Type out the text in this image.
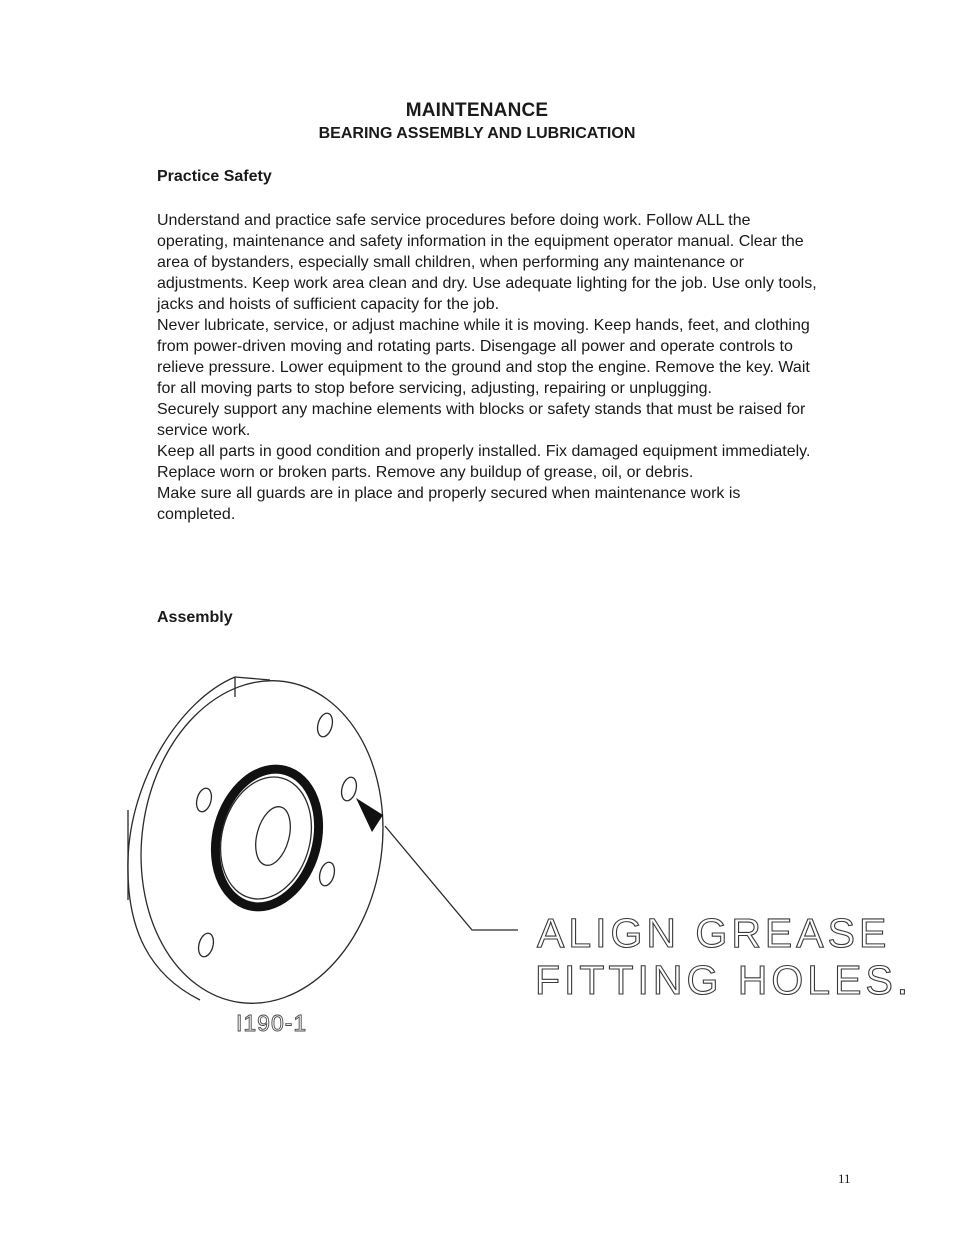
MAINTENANCE
BEARING ASSEMBLY AND LUBRICATION
Practice Safety

Understand and practice safe service procedures before doing work. Follow ALL the operating, maintenance and safety information in the equipment operator manual. Clear the area of bystanders, especially small children, when performing any maintenance or adjustments. Keep work area clean and dry. Use adequate lighting for the job. Use only tools, jacks and hoists of sufficient capacity for the job.

Never lubricate, service, or adjust machine while it is moving. Keep hands, feet, and clothing from power-driven moving and rotating parts. Disengage all power and operate controls to relieve pressure. Lower equipment to the ground and stop the engine. Remove the key. Wait for all moving parts to stop before servicing, adjusting, repairing or unplugging.

Securely support any machine elements with blocks or safety stands that must be raised for service work.

Keep all parts in good condition and properly installed. Fix damaged equipment immediately. Replace worn or broken parts. Remove any buildup of grease, oil, or debris.

Make sure all guards are in place and properly secured when maintenance work is completed.

Assembly
ALIGN GREASE
FITTING HOLES.
I190-1
11
